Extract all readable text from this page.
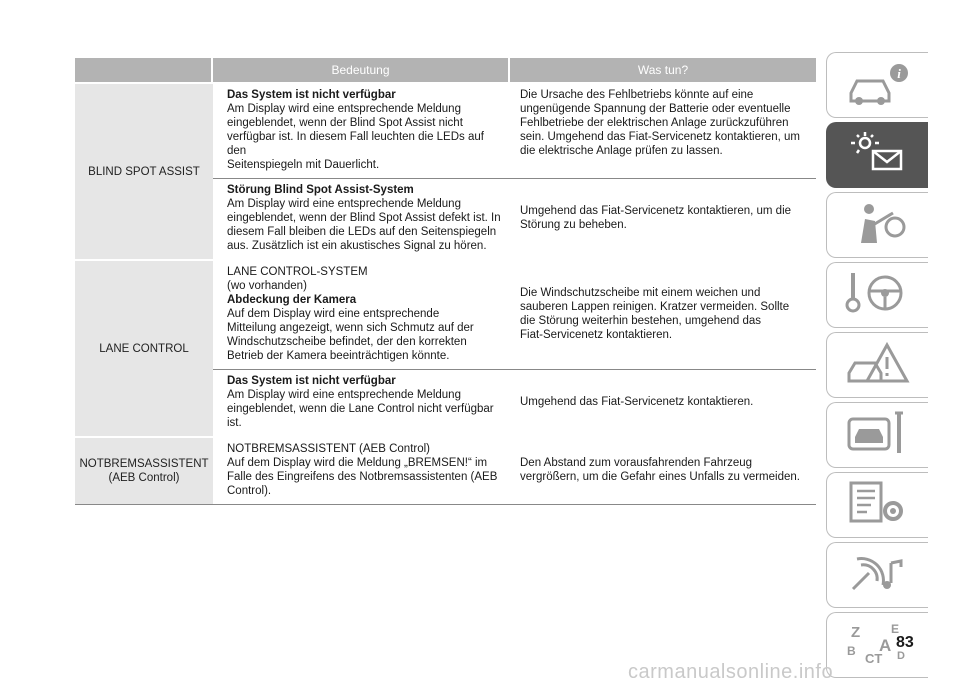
Bedeutung	Was tun?
BLIND SPOT ASSIST
Das System ist nicht verfügbar
Am Display wird eine entsprechende Meldung
eingeblendet, wenn der Blind Spot Assist nicht
verfügbar ist. In diesem Fall leuchten die LEDs auf den
Seitenspiegeln mit Dauerlicht.
Die Ursache des Fehlbetriebs könnte auf eine
ungenügende Spannung der Batterie oder eventuelle
Fehlbetriebe der elektrischen Anlage zurückzuführen
sein. Umgehend das Fiat-Servicenetz kontaktieren, um
die elektrische Anlage prüfen zu lassen.
Störung Blind Spot Assist-System
Am Display wird eine entsprechende Meldung
eingeblendet, wenn der Blind Spot Assist defekt ist. In
diesem Fall bleiben die LEDs auf den Seitenspiegeln
aus. Zusätzlich ist ein akustisches Signal zu hören.
Umgehend das Fiat-Servicenetz kontaktieren, um die
Störung zu beheben.
LANE CONTROL
LANE CONTROL-SYSTEM
(wo vorhanden)
Abdeckung der Kamera
Auf dem Display wird eine entsprechende
Mitteilung angezeigt, wenn sich Schmutz auf der
Windschutzscheibe befindet, der den korrekten
Betrieb der Kamera beeinträchtigen könnte.
Die Windschutzscheibe mit einem weichen und
sauberen Lappen reinigen. Kratzer vermeiden. Sollte
die Störung weiterhin bestehen, umgehend das
Fiat-Servicenetz kontaktieren.
Das System ist nicht verfügbar
Am Display wird eine entsprechende Meldung
eingeblendet, wenn die Lane Control nicht verfügbar
ist.
Umgehend das Fiat-Servicenetz kontaktieren.
NOTBREMSASSISTENT
(AEB Control)
NOTBREMSASSISTENT (AEB Control)
Auf dem Display wird die Meldung „BREMSEN!“ im
Falle des Eingreifens des Notbremsassistenten (AEB
Control).
Den Abstand zum vorausfahrenden Fahrzeug
vergrößern, um die Gefahr eines Unfalls zu vermeiden.
i
Z	E
B A
CT D
83
carmanualsonline.info
